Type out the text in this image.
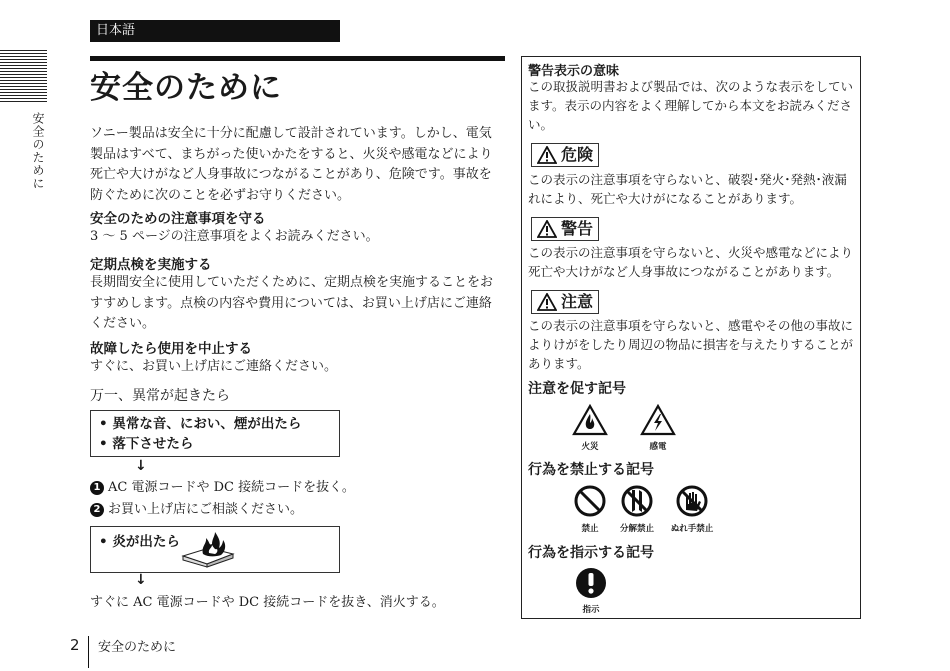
日本語
安全のために
安全のために
ソニー製品は安全に十分に配慮して設計されています。しかし、電気製品はすべて、まちがった使いかたをすると、火災や感電などにより死亡や大けがなど人身事故につながることがあり、危険です。事故を防ぐために次のことを必ずお守りください。
安全のための注意事項を守る
3 ～ 5 ページの注意事項をよくお読みください。
定期点検を実施する
長期間安全に使用していただくために、定期点検を実施することをおすすめします。点検の内容や費用については、お買い上げ店にご連絡ください。
故障したら使用を中止する
すぐに、お買い上げ店にご連絡ください。
万一、異常が起きたら
• 異常な音、におい、煙が出たら
• 落下させたら
↓
1 AC 電源コードや DC 接続コードを抜く。
2 お買い上げ店にご相談ください。
• 炎が出たら
↓
すぐに AC 電源コードや DC 接続コードを抜き、消火する。
2 安全のために
警告表示の意味
この取扱説明書および製品では、次のような表示をしています。表示の内容をよく理解してから本文をお読みください。
危険
この表示の注意事項を守らないと、破裂･発火･発熱･液漏れにより、死亡や大けがになることがあります。
警告
この表示の注意事項を守らないと、火災や感電などにより死亡や大けがなど人身事故につながることがあります。
注意
この表示の注意事項を守らないと、感電やその他の事故によりけがをしたり周辺の物品に損害を与えたりすることがあります。
注意を促す記号
火災	感電
行為を禁止する記号
禁止	分解禁止	ぬれ手禁止
行為を指示する記号
指示
